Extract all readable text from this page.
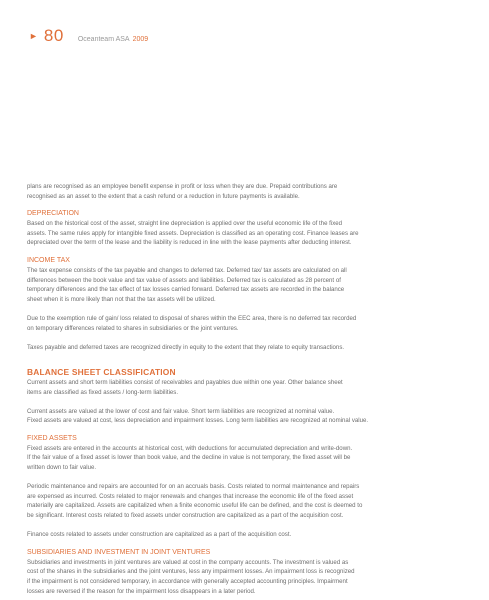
► 80 Oceanteam ASA 2009

plans are recognised as an employee benefit expense in profit or loss when they are due. Prepaid contributions are

recognised as an asset to the extent that a cash refund or a reduction in future payments is available.

DEPRECIATION

Based on the historical cost of the asset, straight line depreciation is applied over the useful economic life of the fixed

assets. The same rules apply for intangible fixed assets. Depreciation is classified as an operating cost. Finance leases are

depreciated over the term of the lease and the liability is reduced in line with the lease payments after deducting interest.

INCOME TAX

The tax expense consists of the tax payable and changes to deferred tax. Deferred tax/ tax assets are calculated on all

differences between the book value and tax value of assets and liabilities. Deferred tax is calculated as 28 percent of

temporary differences and the tax effect of tax losses carried forward. Deferred tax assets are recorded in the balance

sheet when it is more likely than not that the tax assets will be utilized.

Due to the exemption rule of gain/ loss related to disposal of shares within the EEC area, there is no deferred tax recorded

on temporary differences related to shares in subsidiaries or the joint ventures.

Taxes payable and deferred taxes are recognized directly in equity to the extent that they relate to equity transactions.

BALANCE SHEET CLASSIFICATION

Current assets and short term liabilities consist of receivables and payables due within one year. Other balance sheet

items are classified as fixed assets / long-term liabilities.

Current assets are valued at the lower of cost and fair value. Short term liabilities are recognized at nominal value.

Fixed assets are valued at cost, less depreciation and impairment losses. Long term liabilities are recognized at nominal value.

FIXED ASSETS

Fixed assets are entered in the accounts at historical cost, with deductions for accumulated depreciation and write-down.

If the fair value of a fixed asset is lower than book value, and the decline in value is not temporary, the fixed asset will be

written down to fair value.

Periodic maintenance and repairs are accounted for on an accruals basis. Costs related to normal maintenance and repairs

are expensed as incurred. Costs related to major renewals and changes that increase the economic life of the fixed asset

materially are capitalized. Assets are capitalized when a finite economic useful life can be defined, and the cost is deemed to

be significant. Interest costs related to fixed assets under construction are capitalized as a part of the acquisition cost.

Finance costs related to assets under construction are capitalized as a part of the acquisition cost.

SUBSIDIARIES AND INVESTMENT IN JOINT VENTURES

Subsidiaries and investments in joint ventures are valued at cost in the company accounts. The investment is valued as

cost of the shares in the subsidiaries and the joint ventures, less any impairment losses. An impairment loss is recognized

if the impairment is not considered temporary, in accordance with generally accepted accounting principles. Impairment

losses are reversed if the reason for the impairment loss disappears in a later period.
